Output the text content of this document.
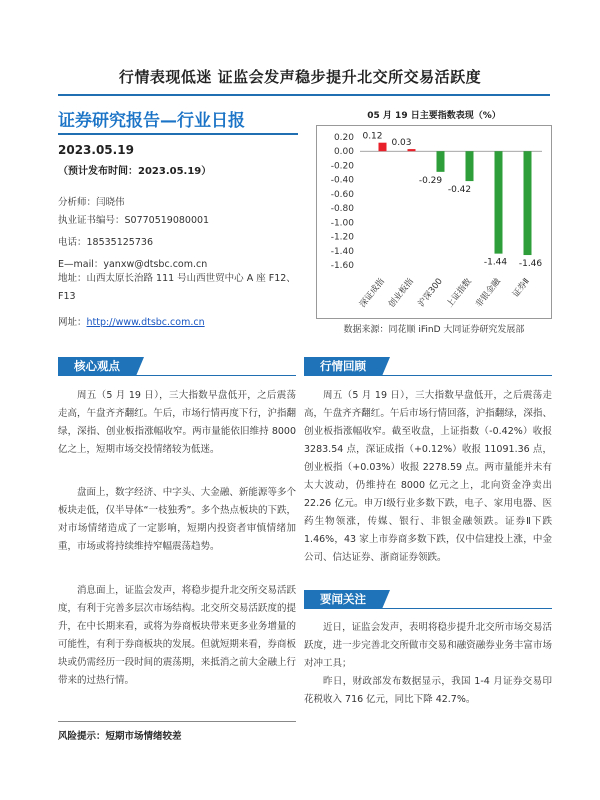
行情表现低迷 证监会发声稳步提升北交所交易活跃度
证券研究报告—行业日报
2023.05.19
（预计发布时间：2023.05.19）
分析师：闫晓伟
执业证书编号：S0770519080001
电话：18535125736
E—mail：yanxw@dtsbc.com.cn
地址：山西太原长治路 111 号山西世贸中心 A 座 F12、F13
网址：http://www.dtsbc.com.cn
05 月 19 日主要指数表现（%）
0.20
0.00
-0.20
-0.40
-0.60
-0.80
-1.00
-1.20
-1.40
-1.60
0.12
深证成指
0.03
创业板指
-0.29
沪深300
-0.42
上证指数
-1.44
非银金融
-1.46
证券Ⅱ
数据来源：同花顺 iFinD 大同证券研究发展部
核心观点
周五（5 月 19 日），三大指数早盘低开，之后震荡走高，午盘齐齐翻红。午后，市场行情再度下行，沪指翻绿，深指、创业板指涨幅收窄。两市量能依旧维持 8000 亿之上，短期市场交投情绪较为低迷。
盘面上，数字经济、中字头、大金融、新能源等多个板块走低，仅半导体“一枝独秀”。多个热点板块的下跌，对市场情绪造成了一定影响，短期内投资者审慎情绪加重，市场或将持续维持窄幅震荡趋势。
消息面上，证监会发声，将稳步提升北交所交易活跃度，有利于完善多层次市场结构。北交所交易活跃度的提升，在中长期来看，或将为券商板块带来更多业务增量的可能性，有利于券商板块的发展。但就短期来看，券商板块或仍需经历一段时间的震荡期，来抵消之前大金融上行带来的过热行情。
风险提示：短期市场情绪较差
行情回顾
周五（5 月 19 日），三大指数早盘低开，之后震荡走高，午盘齐齐翻红。午后市场行情回落，沪指翻绿，深指、创业板指涨幅收窄。截至收盘，上证指数（-0.42%）收报 3283.54 点，深证成指（+0.12%）收报 11091.36 点，创业板指（+0.03%）收报 2278.59 点。两市量能并未有太大波动，仍维持在 8000 亿元之上，北向资金净卖出 22.26 亿元。申万Ⅰ级行业多数下跌，电子、家用电器、医药生物领涨，传媒、银行、非银金融领跌。证券Ⅱ下跌 1.46%，43 家上市券商多数下跌，仅中信建投上涨，中金公司、信达证券、浙商证券领跌。
要闻关注
近日，证监会发声，表明将稳步提升北交所市场交易活跃度，进一步完善北交所做市交易和融资融券业务丰富市场对冲工具；
昨日，财政部发布数据显示，我国 1-4 月证券交易印花税收入 716 亿元，同比下降 42.7%。
